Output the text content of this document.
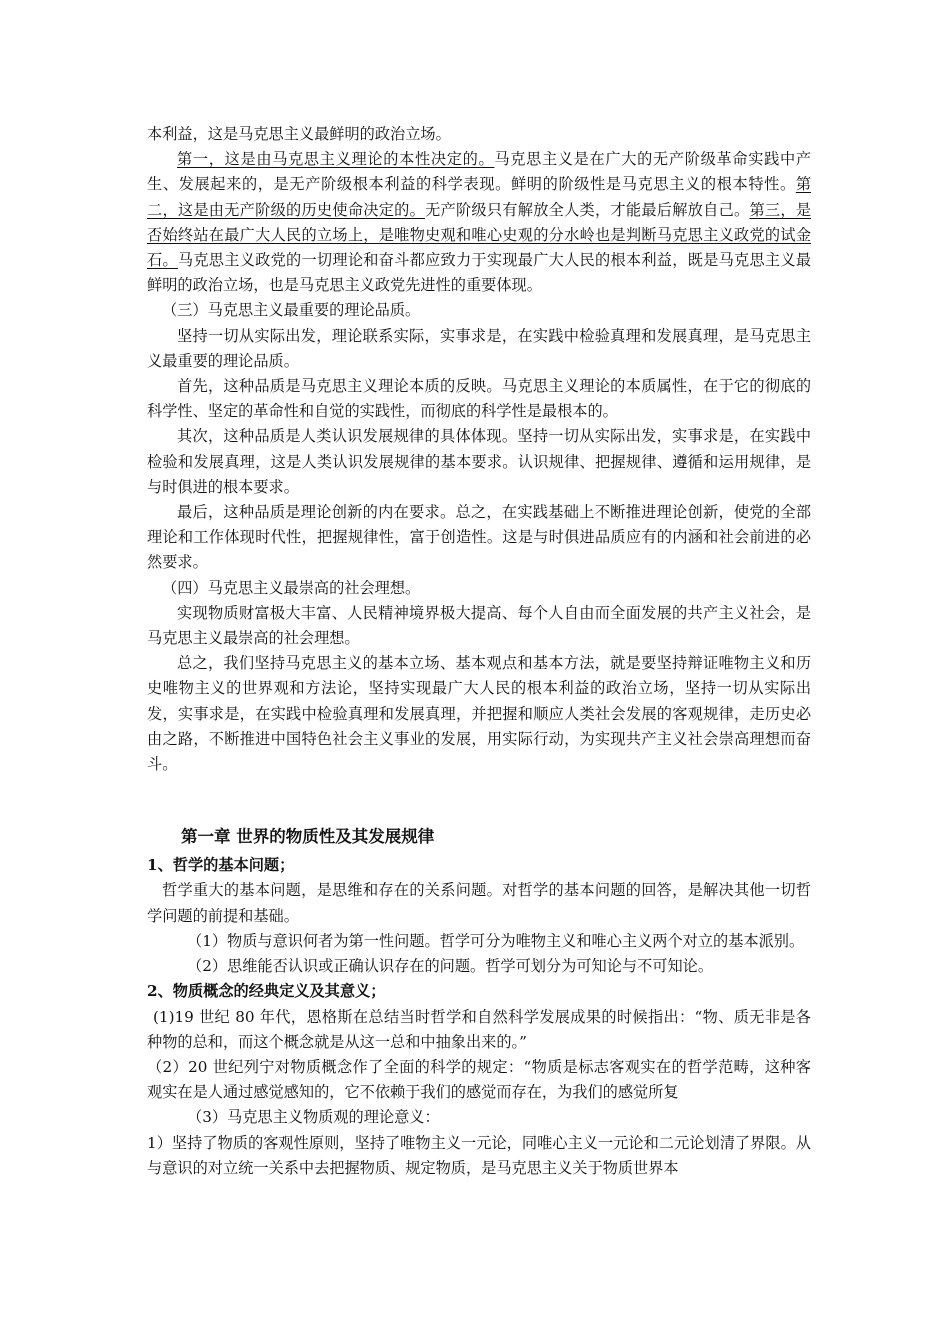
本利益，这是马克思主义最鲜明的政治立场。

第一，这是由马克思主义理论的本性决定的。马克思主义是在广大的无产阶级革命实践中产生、发展起来的，是无产阶级根本利益的科学表现。鲜明的阶级性是马克思主义的根本特性。第二，这是由无产阶级的历史使命决定的。无产阶级只有解放全人类，才能最后解放自己。第三，是否始终站在最广大人民的立场上，是唯物史观和唯心史观的分水岭也是判断马克思主义政党的试金石。马克思主义政党的一切理论和奋斗都应致力于实现最广大人民的根本利益，既是马克思主义最鲜明的政治立场，也是马克思主义政党先进性的重要体现。

（三）马克思主义最重要的理论品质。

坚持一切从实际出发，理论联系实际，实事求是，在实践中检验真理和发展真理，是马克思主义最重要的理论品质。

首先，这种品质是马克思主义理论本质的反映。马克思主义理论的本质属性，在于它的彻底的科学性、坚定的革命性和自觉的实践性，而彻底的科学性是最根本的。

其次，这种品质是人类认识发展规律的具体体现。坚持一切从实际出发，实事求是，在实践中检验和发展真理，这是人类认识发展规律的基本要求。认识规律、把握规律、遵循和运用规律，是与时俱进的根本要求。

最后，这种品质是理论创新的内在要求。总之，在实践基础上不断推进理论创新，使党的全部理论和工作体现时代性，把握规律性，富于创造性。这是与时俱进品质应有的内涵和社会前进的必然要求。

（四）马克思主义最崇高的社会理想。

实现物质财富极大丰富、人民精神境界极大提高、每个人自由而全面发展的共产主义社会，是马克思主义最崇高的社会理想。

总之，我们坚持马克思主义的基本立场、基本观点和基本方法，就是要坚持辩证唯物主义和历史唯物主义的世界观和方法论，坚持实现最广大人民的根本利益的政治立场，坚持一切从实际出发，实事求是，在实践中检验真理和发展真理，并把握和顺应人类社会发展的客观规律，走历史必由之路，不断推进中国特色社会主义事业的发展，用实际行动，为实现共产主义社会崇高理想而奋斗。

第一章 世界的物质性及其发展规律

1、哲学的基本问题；

哲学重大的基本问题，是思维和存在的关系问题。对哲学的基本问题的回答，是解决其他一切哲学问题的前提和基础。

（1）物质与意识何者为第一性问题。哲学可分为唯物主义和唯心主义两个对立的基本派别。

（2）思维能否认识或正确认识存在的问题。哲学可划分为可知论与不可知论。

2、物质概念的经典定义及其意义；

(1)19 世纪 80 年代，恩格斯在总结当时哲学和自然科学发展成果的时候指出：“物、质无非是各种物的总和，而这个概念就是从这一总和中抽象出来的。”

（2）20 世纪列宁对物质概念作了全面的科学的规定：“物质是标志客观实在的哲学范畴，这种客观实在是人通过感觉感知的，它不依赖于我们的感觉而存在，为我们的感觉所复

（3）马克思主义物质观的理论意义：

1）坚持了物质的客观性原则，坚持了唯物主义一元论，同唯心主义一元论和二元论划清了界限。从与意识的对立统一关系中去把握物质、规定物质，是马克思主义关于物质世界本
